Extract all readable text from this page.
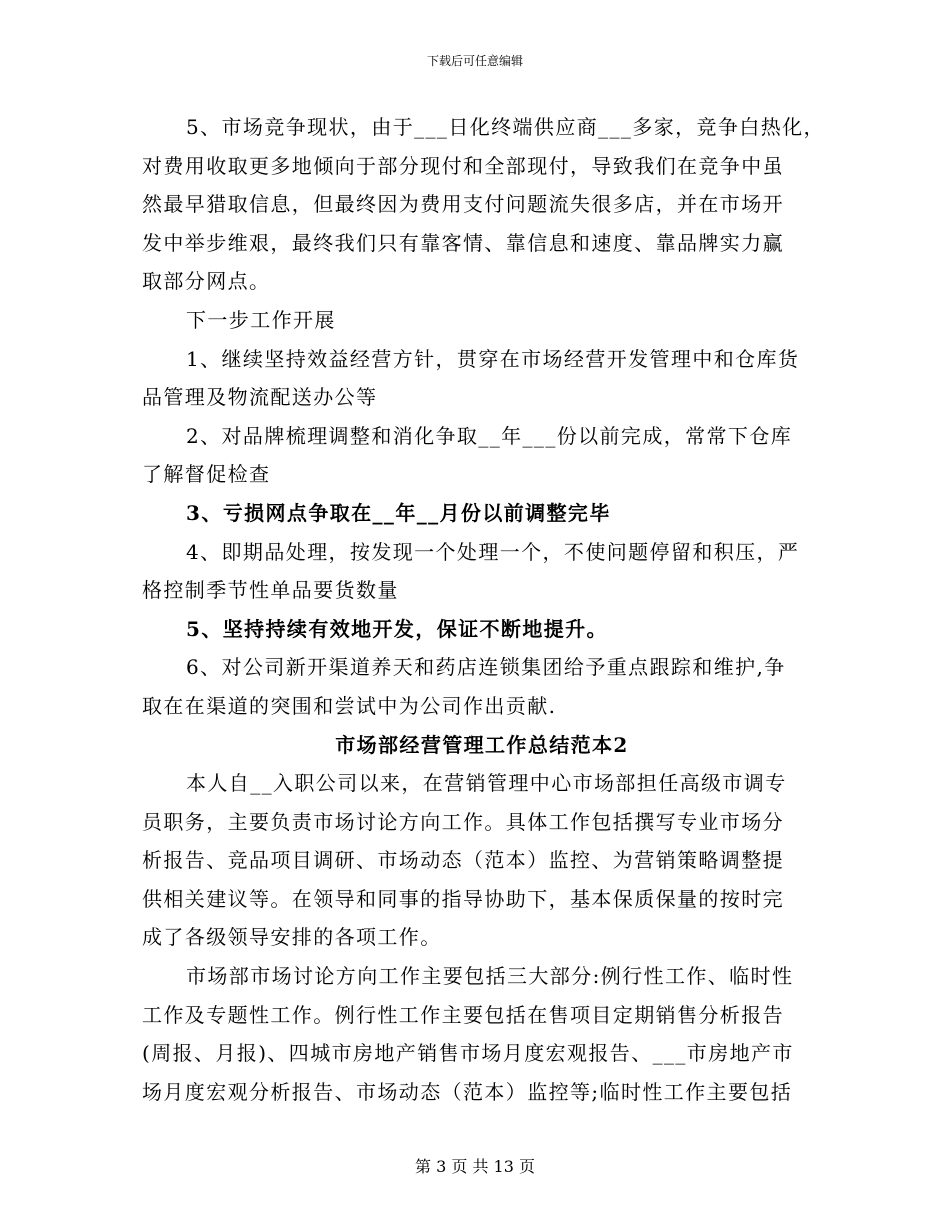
下载后可任意编辑
5、市场竞争现状，由于___日化终端供应商___多家，竞争白热化，
对费用收取更多地倾向于部分现付和全部现付，导致我们在竞争中虽
然最早猎取信息，但最终因为费用支付问题流失很多店，并在市场开
发中举步维艰，最终我们只有靠客情、靠信息和速度、靠品牌实力赢
取部分网点。
下一步工作开展
1、继续坚持效益经营方针，贯穿在市场经营开发管理中和仓库货
品管理及物流配送办公等
2、对品牌梳理调整和消化争取__年___份以前完成，常常下仓库
了解督促检查
3、亏损网点争取在__年__月份以前调整完毕
4、即期品处理，按发现一个处理一个，不使问题停留和积压，严
格控制季节性单品要货数量
5、坚持持续有效地开发，保证不断地提升。
6、对公司新开渠道养天和药店连锁集团给予重点跟踪和维护,争
取在在渠道的突围和尝试中为公司作出贡献.
市场部经营管理工作总结范本2
本人自__入职公司以来，在营销管理中心市场部担任高级市调专
员职务，主要负责市场讨论方向工作。具体工作包括撰写专业市场分
析报告、竞品项目调研、市场动态（范本）监控、为营销策略调整提
供相关建议等。在领导和同事的指导协助下，基本保质保量的按时完
成了各级领导安排的各项工作。
市场部市场讨论方向工作主要包括三大部分:例行性工作、临时性
工作及专题性工作。例行性工作主要包括在售项目定期销售分析报告
(周报、月报)、四城市房地产销售市场月度宏观报告、___市房地产市
场月度宏观分析报告、市场动态（范本）监控等;临时性工作主要包括
第 3 页 共 13 页
